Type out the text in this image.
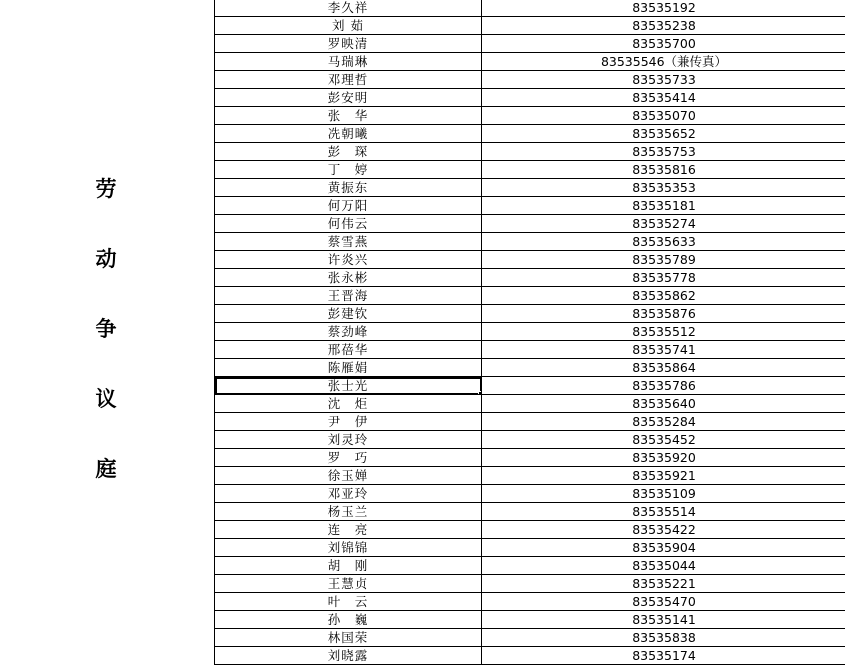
劳
动
争
议
庭
李久祥	83535192
刘 茹	83535238
罗映清	83535700
马瑞琳	83535546（兼传真）
邓理哲	83535733
彭安明	83535414
张　华	83535070
冼朝曦	83535652
彭　琛	83535753
丁　婷	83535816
黄振东	83535353
何万阳	83535181
何伟云	83535274
蔡雪燕	83535633
许炎兴	83535789
张永彬	83535778
王晋海	83535862
彭建钦	83535876
蔡劲峰	83535512
邢蓓华	83535741
陈雁娟	83535864
张士光	83535786
沈　炬	83535640
尹　伊	83535284
刘灵玲	83535452
罗　巧	83535920
徐玉婵	83535921
邓亚玲	83535109
杨玉兰	83535514
连　亮	83535422
刘锦锦	83535904
胡　刚	83535044
王慧贞	83535221
叶　云	83535470
孙　巍	83535141
林国荣	83535838
刘晓露	83535174
